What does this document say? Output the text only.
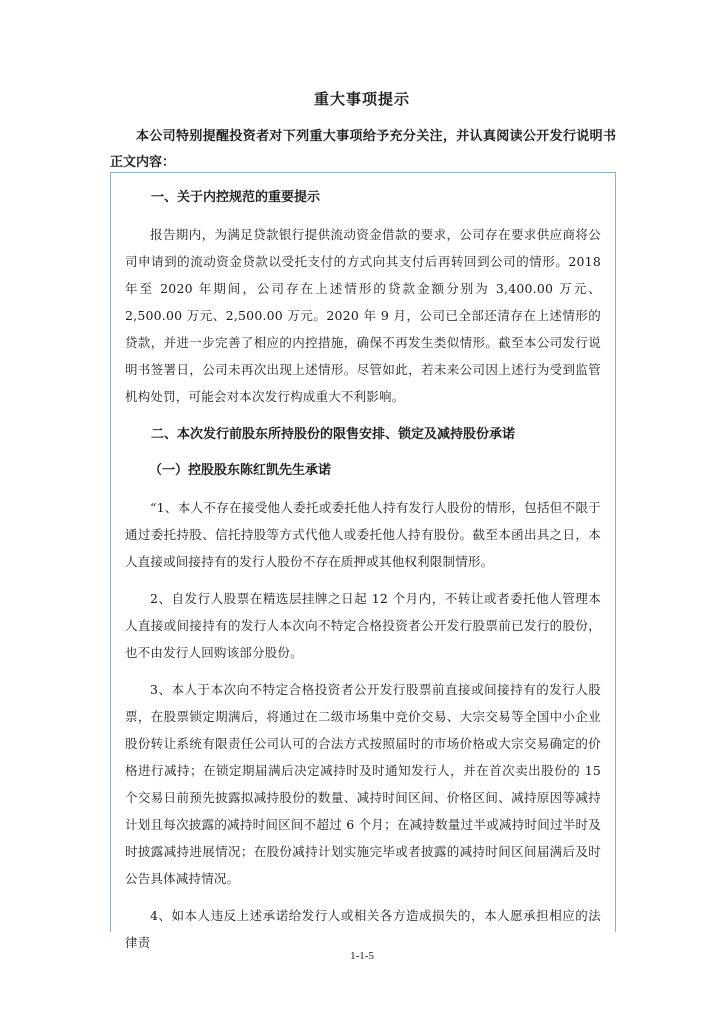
重大事项提示
本公司特别提醒投资者对下列重大事项给予充分关注，并认真阅读公开发行说明书正文内容：
一、关于内控规范的重要提示

报告期内，为满足贷款银行提供流动资金借款的要求，公司存在要求供应商将公司申请到的流动资金贷款以受托支付的方式向其支付后再转回到公司的情形。2018 年至 2020 年期间，公司存在上述情形的贷款金额分别为 3,400.00 万元、2,500.00 万元、2,500.00 万元。2020 年 9 月，公司已全部还清存在上述情形的贷款，并进一步完善了相应的内控措施，确保不再发生类似情形。截至本公司发行说明书签署日，公司未再次出现上述情形。尽管如此，若未来公司因上述行为受到监管机构处罚，可能会对本次发行构成重大不利影响。

二、本次发行前股东所持股份的限售安排、锁定及减持股份承诺
（一）控股股东陈红凯先生承诺

“1、本人不存在接受他人委托或委托他人持有发行人股份的情形，包括但不限于通过委托持股、信托持股等方式代他人或委托他人持有股份。截至本函出具之日，本人直接或间接持有的发行人股份不存在质押或其他权利限制情形。

2、自发行人股票在精选层挂牌之日起 12 个月内，不转让或者委托他人管理本人直接或间接持有的发行人本次向不特定合格投资者公开发行股票前已发行的股份，也不由发行人回购该部分股份。

3、本人于本次向不特定合格投资者公开发行股票前直接或间接持有的发行人股票，在股票锁定期满后，将通过在二级市场集中竞价交易、大宗交易等全国中小企业股份转让系统有限责任公司认可的合法方式按照届时的市场价格或大宗交易确定的价格进行减持；在锁定期届满后决定减持时及时通知发行人，并在首次卖出股份的 15 个交易日前预先披露拟减持股份的数量、减持时间区间、价格区间、减持原因等减持计划且每次披露的减持时间区间不超过 6 个月；在减持数量过半或减持时间过半时及时披露减持进展情况；在股份减持计划实施完毕或者披露的减持时间区间届满后及时公告具体减持情况。

4、如本人违反上述承诺给发行人或相关各方造成损失的，本人愿承担相应的法律责

1-1-5
